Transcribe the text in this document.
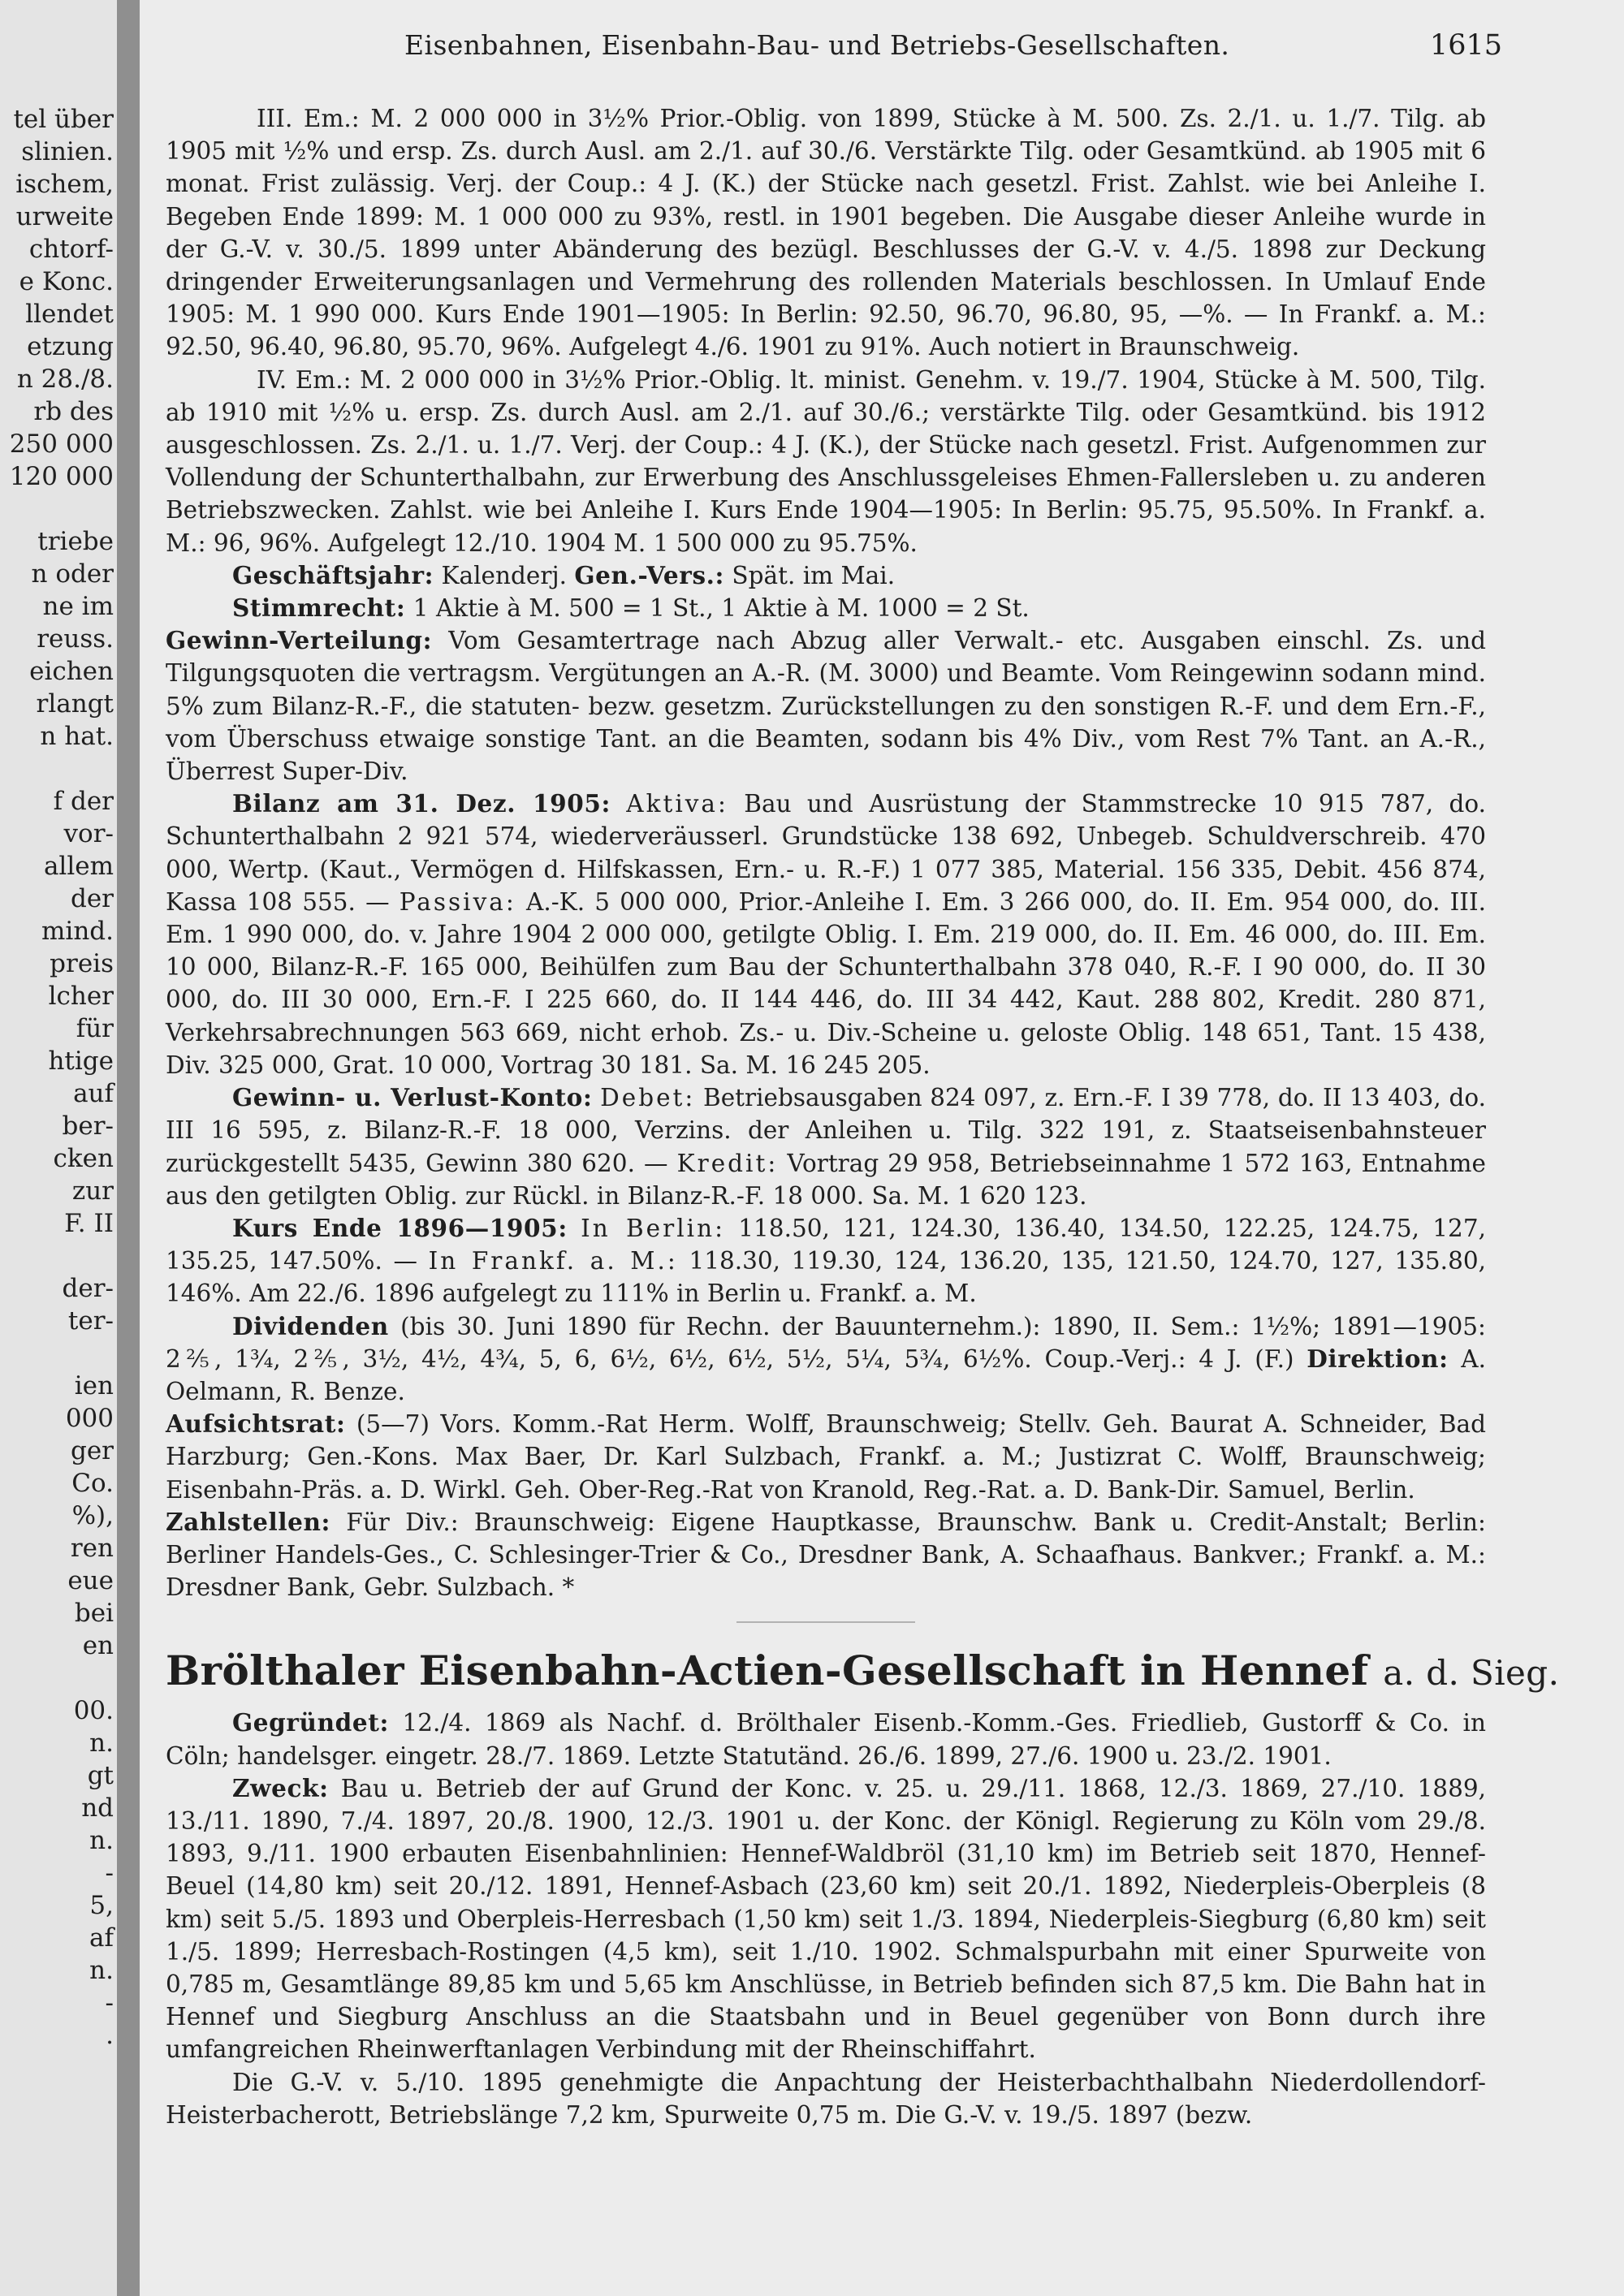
tel über
slinien.
ischem,
urweite
chtorf-
e Konc.
llendet
etzung
n 28./8.
rb des
250 000
120 000
triebe
n oder
ne im
reuss.
eichen
rlangt
n hat.
f der
vor-
allem
der
mind.
preis
lcher
für
htige
auf
ber-
cken
zur
F. II
der-
ter-
ien
000
ger
Co.
%),
ren
eue
bei
en
00.
n.
gt
nd
n.
-
5,
af
n.
-
.
Eisenbahnen, Eisenbahn-Bau- und Betriebs-Gesellschaften.	1615

III. Em.: M. 2 000 000 in 3½% Prior.-Oblig. von 1899, Stücke à M. 500. Zs. 2./1. u. 1./7. Tilg. ab 1905 mit ½% und ersp. Zs. durch Ausl. am 2./1. auf 30./6. Verstärkte Tilg. oder Gesamtkünd. ab 1905 mit 6 monat. Frist zulässig. Verj. der Coup.: 4 J. (K.) der Stücke nach gesetzl. Frist. Zahlst. wie bei Anleihe I. Begeben Ende 1899: M. 1 000 000 zu 93%, restl. in 1901 begeben. Die Ausgabe dieser Anleihe wurde in der G.-V. v. 30./5. 1899 unter Abänderung des bezügl. Beschlusses der G.-V. v. 4./5. 1898 zur Deckung dringender Erweiterungsanlagen und Vermehrung des rollenden Materials beschlossen. In Umlauf Ende 1905: M. 1 990 000. Kurs Ende 1901—1905: In Berlin: 92.50, 96.70, 96.80, 95, —%. — In Frankf. a. M.: 92.50, 96.40, 96.80, 95.70, 96%. Aufgelegt 4./6. 1901 zu 91%. Auch notiert in Braunschweig.

IV. Em.: M. 2 000 000 in 3½% Prior.-Oblig. lt. minist. Genehm. v. 19./7. 1904, Stücke à M. 500, Tilg. ab 1910 mit ½% u. ersp. Zs. durch Ausl. am 2./1. auf 30./6.; verstärkte Tilg. oder Gesamtkünd. bis 1912 ausgeschlossen. Zs. 2./1. u. 1./7. Verj. der Coup.: 4 J. (K.), der Stücke nach gesetzl. Frist. Aufgenommen zur Vollendung der Schunterthalbahn, zur Erwerbung des Anschlussgeleises Ehmen-Fallersleben u. zu anderen Betriebszwecken. Zahlst. wie bei Anleihe I. Kurs Ende 1904—1905: In Berlin: 95.75, 95.50%. In Frankf. a. M.: 96, 96%. Aufgelegt 12./10. 1904 M. 1 500 000 zu 95.75%.

Geschäftsjahr: Kalenderj. Gen.-Vers.: Spät. im Mai.

Stimmrecht: 1 Aktie à M. 500 = 1 St., 1 Aktie à M. 1000 = 2 St.

Gewinn-Verteilung: Vom Gesamtertrage nach Abzug aller Verwalt.- etc. Ausgaben einschl. Zs. und Tilgungsquoten die vertragsm. Vergütungen an A.-R. (M. 3000) und Beamte. Vom Reingewinn sodann mind. 5% zum Bilanz-R.-F., die statuten- bezw. gesetzm. Zurückstellungen zu den sonstigen R.-F. und dem Ern.-F., vom Überschuss etwaige sonstige Tant. an die Beamten, sodann bis 4% Div., vom Rest 7% Tant. an A.-R., Überrest Super-Div.

Bilanz am 31. Dez. 1905: Aktiva: Bau und Ausrüstung der Stammstrecke 10 915 787, do. Schunterthalbahn 2 921 574, wiederveräusserl. Grundstücke 138 692, Unbegeb. Schuldverschreib. 470 000, Wertp. (Kaut., Vermögen d. Hilfskassen, Ern.- u. R.-F.) 1 077 385, Material. 156 335, Debit. 456 874, Kassa 108 555. — Passiva: A.-K. 5 000 000, Prior.-Anleihe I. Em. 3 266 000, do. II. Em. 954 000, do. III. Em. 1 990 000, do. v. Jahre 1904 2 000 000, getilgte Oblig. I. Em. 219 000, do. II. Em. 46 000, do. III. Em. 10 000, Bilanz-R.-F. 165 000, Beihülfen zum Bau der Schunterthalbahn 378 040, R.-F. I 90 000, do. II 30 000, do. III 30 000, Ern.-F. I 225 660, do. II 144 446, do. III 34 442, Kaut. 288 802, Kredit. 280 871, Verkehrsabrechnungen 563 669, nicht erhob. Zs.- u. Div.-Scheine u. geloste Oblig. 148 651, Tant. 15 438, Div. 325 000, Grat. 10 000, Vortrag 30 181. Sa. M. 16 245 205.

Gewinn- u. Verlust-Konto: Debet: Betriebsausgaben 824 097, z. Ern.-F. I 39 778, do. II 13 403, do. III 16 595, z. Bilanz-R.-F. 18 000, Verzins. der Anleihen u. Tilg. 322 191, z. Staatseisenbahnsteuer zurückgestellt 5435, Gewinn 380 620. — Kredit: Vortrag 29 958, Betriebseinnahme 1 572 163, Entnahme aus den getilgten Oblig. zur Rückl. in Bilanz-R.-F. 18 000. Sa. M. 1 620 123.

Kurs Ende 1896—1905: In Berlin: 118.50, 121, 124.30, 136.40, 134.50, 122.25, 124.75, 127, 135.25, 147.50%. — In Frankf. a. M.: 118.30, 119.30, 124, 136.20, 135, 121.50, 124.70, 127, 135.80, 146%. Am 22./6. 1896 aufgelegt zu 111% in Berlin u. Frankf. a. M.

Dividenden (bis 30. Juni 1890 für Rechn. der Bauunternehm.): 1890, II. Sem.: 1½%; 1891—1905: 2⅖, 1¾, 2⅖, 3½, 4½, 4¾, 5, 6, 6½, 6½, 6½, 5½, 5¼, 5¾, 6½%. Coup.-Verj.: 4 J. (F.) Direktion: A. Oelmann, R. Benze.

Aufsichtsrat: (5—7) Vors. Komm.-Rat Herm. Wolff, Braunschweig; Stellv. Geh. Baurat A. Schneider, Bad Harzburg; Gen.-Kons. Max Baer, Dr. Karl Sulzbach, Frankf. a. M.; Justizrat C. Wolff, Braunschweig; Eisenbahn-Präs. a. D. Wirkl. Geh. Ober-Reg.-Rat von Kranold, Reg.-Rat. a. D. Bank-Dir. Samuel, Berlin.

Zahlstellen: Für Div.: Braunschweig: Eigene Hauptkasse, Braunschw. Bank u. Credit-Anstalt; Berlin: Berliner Handels-Ges., C. Schlesinger-Trier & Co., Dresdner Bank, A. Schaafhaus. Bankver.; Frankf. a. M.: Dresdner Bank, Gebr. Sulzbach. *

Brölthaler Eisenbahn-Actien-Gesellschaft in Hennef a. d. Sieg.

Gegründet: 12./4. 1869 als Nachf. d. Brölthaler Eisenb.-Komm.-Ges. Friedlieb, Gustorff & Co. in Cöln; handelsger. eingetr. 28./7. 1869. Letzte Statutänd. 26./6. 1899, 27./6. 1900 u. 23./2. 1901.

Zweck: Bau u. Betrieb der auf Grund der Konc. v. 25. u. 29./11. 1868, 12./3. 1869, 27./10. 1889, 13./11. 1890, 7./4. 1897, 20./8. 1900, 12./3. 1901 u. der Konc. der Königl. Regierung zu Köln vom 29./8. 1893, 9./11. 1900 erbauten Eisenbahnlinien: Hennef-Waldbröl (31,10 km) im Betrieb seit 1870, Hennef-Beuel (14,80 km) seit 20./12. 1891, Hennef-Asbach (23,60 km) seit 20./1. 1892, Niederpleis-Oberpleis (8 km) seit 5./5. 1893 und Oberpleis-Herresbach (1,50 km) seit 1./3. 1894, Niederpleis-Siegburg (6,80 km) seit 1./5. 1899; Herresbach-Rostingen (4,5 km), seit 1./10. 1902. Schmalspurbahn mit einer Spurweite von 0,785 m, Gesamtlänge 89,85 km und 5,65 km Anschlüsse, in Betrieb befinden sich 87,5 km. Die Bahn hat in Hennef und Siegburg Anschluss an die Staatsbahn und in Beuel gegenüber von Bonn durch ihre umfangreichen Rheinwerftanlagen Verbindung mit der Rheinschiffahrt.

Die G.-V. v. 5./10. 1895 genehmigte die Anpachtung der Heisterbachthalbahn Niederdollendorf-Heisterbacherott, Betriebslänge 7,2 km, Spurweite 0,75 m. Die G.-V. v. 19./5. 1897 (bezw.
